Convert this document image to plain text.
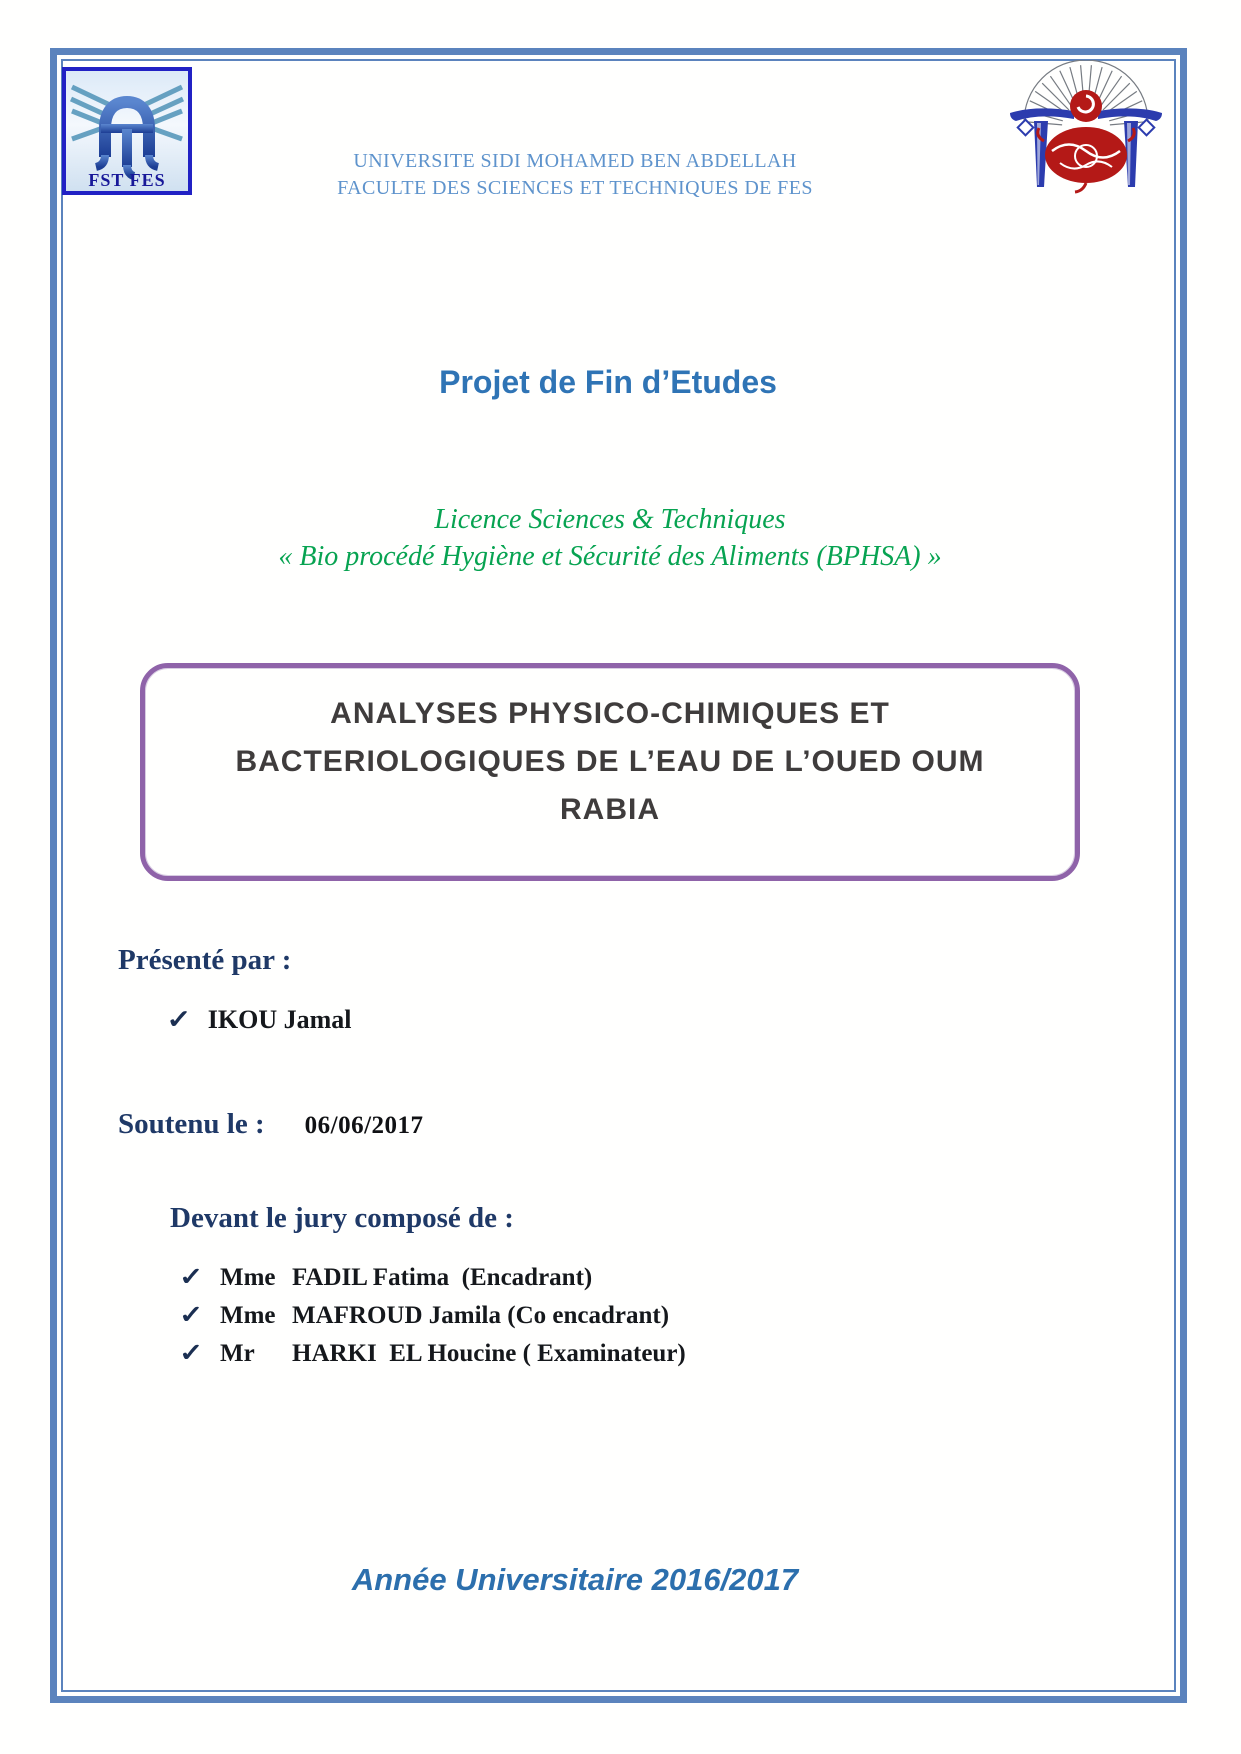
FST FES
UNIVERSITE SIDI MOHAMED BEN ABDELLAH
FACULTE DES SCIENCES ET TECHNIQUES DE FES
Projet de Fin d’Etudes
Licence Sciences & Techniques
« Bio procédé Hygiène et Sécurité des Aliments (BPHSA) »
ANALYSES PHYSICO-CHIMIQUES ET
BACTERIOLOGIQUES DE L’EAU DE L’OUED OUM
RABIA
Présenté par :
✓ IKOU Jamal
Soutenu le : 06/06/2017
Devant le jury composé de :
✓ Mme FADIL Fatima  (Encadrant)
✓ Mme MAFROUD Jamila (Co encadrant)
✓ Mr	HARKI  EL Houcine ( Examinateur)
Année Universitaire 2016/2017
